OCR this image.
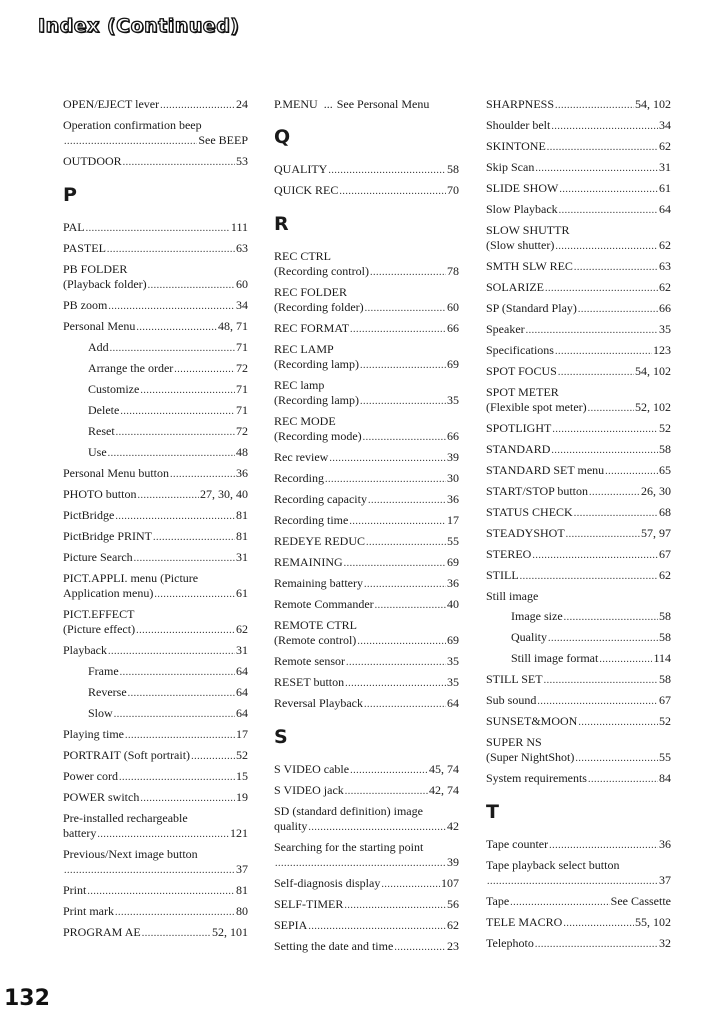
Index (Continued)
OPEN/EJECT lever .....	24
Operation confirmation beep
.....
See BEEP
OUTDOOR .....	53
P
PAL .....	111
PASTEL .....	63
PB FOLDER
(Playback folder) .....	60
PB zoom .....	34
Personal Menu .....	48, 71
Add .....	71
Arrange the order .....	72
Customize .....	71
Delete .....	71
Reset .....	72
Use .....	48
Personal Menu button .....	36
PHOTO button .....	27, 30, 40
PictBridge .....	81
PictBridge PRINT .....	81
Picture Search .....	31
PICT.APPLI. menu (Picture
Application menu) .....	61
PICT.EFFECT
(Picture effect) .....	62
Playback .....	31
Frame .....	64
Reverse .....	64
Slow .....	64
Playing time .....	17
PORTRAIT (Soft portrait) .....	52
Power cord .....	15
POWER switch .....	19
Pre-installed rechargeable
battery .....	121
Previous/Next image button
.....
37
Print .....	81
Print mark .....	80
PROGRAM AE .....	52, 101
P.MENU ... See Personal Menu
Q
QUALITY .....	58
QUICK REC .....	70
R
REC CTRL
(Recording control) .....	78
REC FOLDER
(Recording folder) .....	60
REC FORMAT .....	66
REC LAMP
(Recording lamp) .....	69
REC lamp
(Recording lamp) .....	35
REC MODE
(Recording mode) .....	66
Rec review .....	39
Recording .....	30
Recording capacity .....	36
Recording time .....	17
REDEYE REDUC .....	55
REMAINING .....	69
Remaining battery .....	36
Remote Commander .....	40
REMOTE CTRL
(Remote control) .....	69
Remote sensor .....	35
RESET button .....	35
Reversal Playback .....	64
S
S VIDEO cable .....	45, 74
S VIDEO jack .....	42, 74
SD (standard definition) image
quality .....	42
Searching for the starting point
.....
39
Self-diagnosis display .....	107
SELF-TIMER .....	56
SEPIA .....	62
Setting the date and time .....	23
SHARPNESS .....	54, 102
Shoulder belt .....	34
SKINTONE .....	62
Skip Scan .....	31
SLIDE SHOW .....	61
Slow Playback .....	64
SLOW SHUTTR
(Slow shutter) .....	62
SMTH SLW REC .....	63
SOLARIZE .....	62
SP (Standard Play) .....	66
Speaker .....	35
Specifications .....	123
SPOT FOCUS .....	54, 102
SPOT METER
(Flexible spot meter) .....	52, 102
SPOTLIGHT .....	52
STANDARD .....	58
STANDARD SET menu .....	65
START/STOP button .....	26, 30
STATUS CHECK .....	68
STEADYSHOT .....	57, 97
STEREO .....	67
STILL .....	62
Still image
Image size .....	58
Quality .....	58
Still image format .....	114
STILL SET .....	58
Sub sound .....	67
SUNSET&MOON .....	52
SUPER NS
(Super NightShot) .....	55
System requirements .....	84
T
Tape counter .....	36
Tape playback select button
.....
37
Tape .....	See Cassette
TELE MACRO .....	55, 102
Telephoto .....	32
132
